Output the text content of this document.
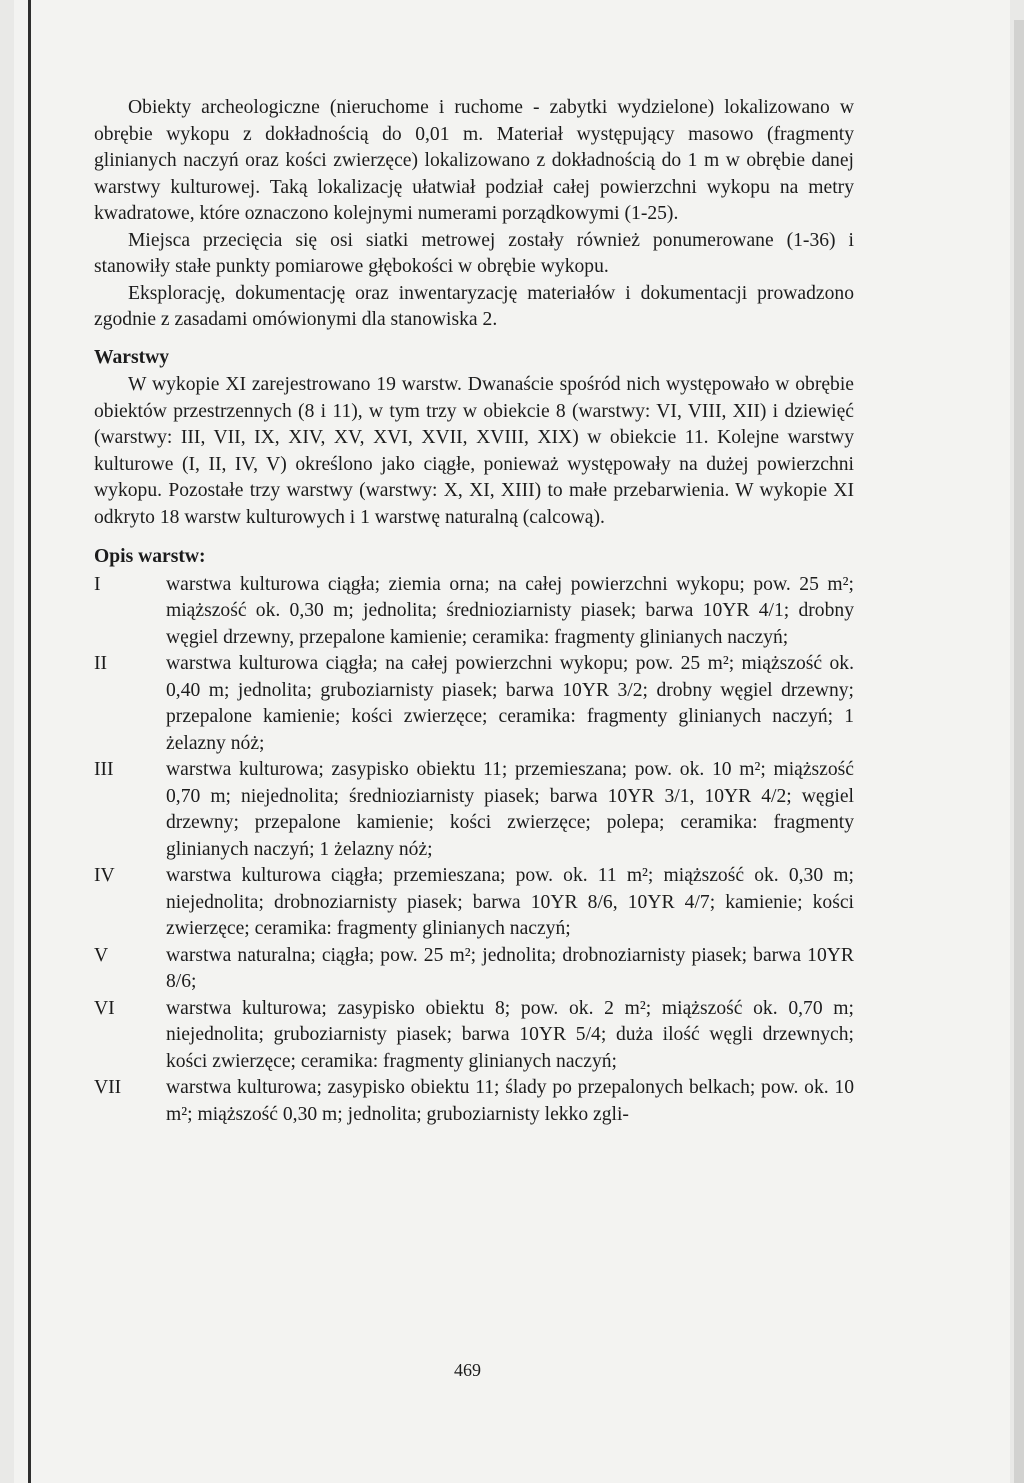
Obiekty archeologiczne (nieruchome i ruchome - zabytki wydzielone) lokalizowano w obrębie wykopu z dokładnością do 0,01 m. Materiał występujący masowo (fragmenty glinianych naczyń oraz kości zwierzęce) lokalizowano z dokładnością do 1 m w obrębie danej warstwy kulturowej. Taką lokalizację ułatwiał podział całej powierzchni wykopu na metry kwadratowe, które oznaczono kolejnymi numerami porządkowymi (1-25).

Miejsca przecięcia się osi siatki metrowej zostały również ponumerowane (1-36) i stanowiły stałe punkty pomiarowe głębokości w obrębie wykopu.

Eksplorację, dokumentację oraz inwentaryzację materiałów i dokumentacji prowadzono zgodnie z zasadami omówionymi dla stanowiska 2.

Warstwy

W wykopie XI zarejestrowano 19 warstw. Dwanaście spośród nich występowało w obrębie obiektów przestrzennych (8 i 11), w tym trzy w obiekcie 8 (warstwy: VI, VIII, XII) i dziewięć (warstwy: III, VII, IX, XIV, XV, XVI, XVII, XVIII, XIX) w obiekcie 11. Kolejne warstwy kulturowe (I, II, IV, V) określono jako ciągłe, ponieważ występowały na dużej powierzchni wykopu. Pozostałe trzy warstwy (warstwy: X, XI, XIII) to małe przebarwienia. W wykopie XI odkryto 18 warstw kulturowych i 1 warstwę naturalną (calcową).

Opis warstw:
I	warstwa kulturowa ciągła; ziemia orna; na całej powierzchni wykopu; pow. 25 m²; miąższość ok. 0,30 m; jednolita; średnioziarnisty piasek; barwa 10YR 4/1; drobny węgiel drzewny, przepalone kamienie; ceramika: fragmenty glinianych naczyń;
II	warstwa kulturowa ciągła; na całej powierzchni wykopu; pow. 25 m²; miąższość ok. 0,40 m; jednolita; gruboziarnisty piasek; barwa 10YR 3/2; drobny węgiel drzewny; przepalone kamienie; kości zwierzęce; ceramika: fragmenty glinianych naczyń; 1 żelazny nóż;
III	warstwa kulturowa; zasypisko obiektu 11; przemieszana; pow. ok. 10 m²; miąższość 0,70 m; niejednolita; średnioziarnisty piasek; barwa 10YR 3/1, 10YR 4/2; węgiel drzewny; przepalone kamienie; kości zwierzęce; polepa; ceramika: fragmenty glinianych naczyń; 1 żelazny nóż;
IV	warstwa kulturowa ciągła; przemieszana; pow. ok. 11 m²; miąższość ok. 0,30 m; niejednolita; drobnoziarnisty piasek; barwa 10YR 8/6, 10YR 4/7; kamienie; kości zwierzęce; ceramika: fragmenty glinianych naczyń;
V	warstwa naturalna; ciągła; pow. 25 m²; jednolita; drobnoziarnisty piasek; barwa 10YR 8/6;
VI	warstwa kulturowa; zasypisko obiektu 8; pow. ok. 2 m²; miąższość ok. 0,70 m; niejednolita; gruboziarnisty piasek; barwa 10YR 5/4; duża ilość węgli drzewnych; kości zwierzęce; ceramika: fragmenty glinianych naczyń;
VII	warstwa kulturowa; zasypisko obiektu 11; ślady po przepalonych belkach; pow. ok. 10 m²; miąższość 0,30 m; jednolita; gruboziarnisty lekko zgli-
469
